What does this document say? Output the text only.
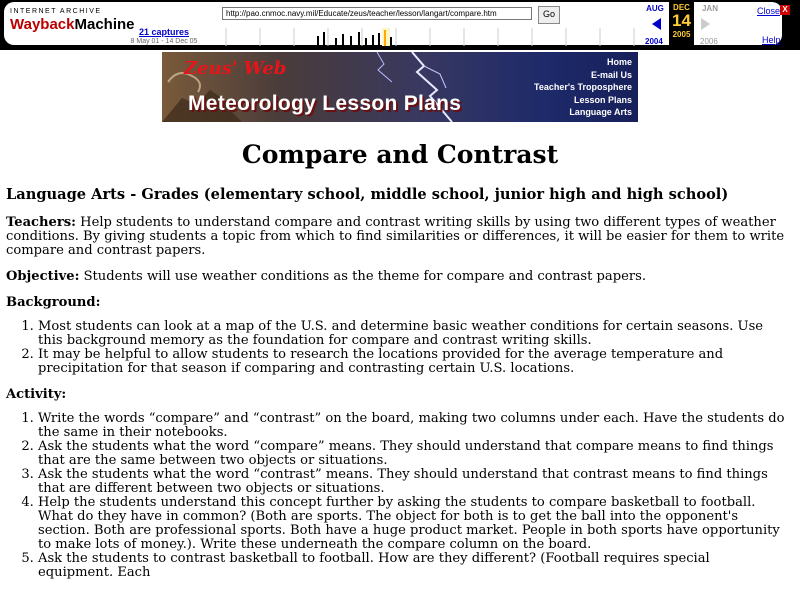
INTERNET ARCHIVE
WaybackMachine 21 captures
8 May 01 - 14 Dec 05
http://pao.cnmoc.navy.mil/Educate/zeus/teacher/lesson/langart/compare.htm	Go
AUG
2004
DEC
14
2005
JAN
2006
Close X
Help
Zeus' Web
Meteorology Lesson Plans
Home
E-mail Us
Teacher's Troposphere
Lesson Plans
Language Arts
Compare and Contrast
Language Arts - Grades (elementary school, middle school, junior high and high school)

Teachers: Help students to understand compare and contrast writing skills by using two different types of weather conditions. By giving students a topic from which to find similarities or differences, it will be easier for them to write compare and contrast papers.

Objective: Students will use weather conditions as the theme for compare and contrast papers.

Background:
1. Most students can look at a map of the U.S. and determine basic weather conditions for certain seasons. Use this background memory as the foundation for compare and contrast writing skills.
2. It may be helpful to allow students to research the locations provided for the average temperature and precipitation for that season if comparing and contrasting certain U.S. locations.
Activity:
1. Write the words “compare” and “contrast” on the board, making two columns under each. Have the students do the same in their notebooks.
2. Ask the students what the word “compare” means. They should understand that compare means to find things that are the same between two objects or situations.
3. Ask the students what the word “contrast” means. They should understand that contrast means to find things that are different between two objects or situations.
4. Help the students understand this concept further by asking the students to compare basketball to football. What do they have in common? (Both are sports. The object for both is to get the ball into the opponent's section. Both are professional sports. Both have a huge product market. People in both sports have opportunity to make lots of money.). Write these underneath the compare column on the board.
5. Ask the students to contrast basketball to football. How are they different? (Football requires special equipment. Each
